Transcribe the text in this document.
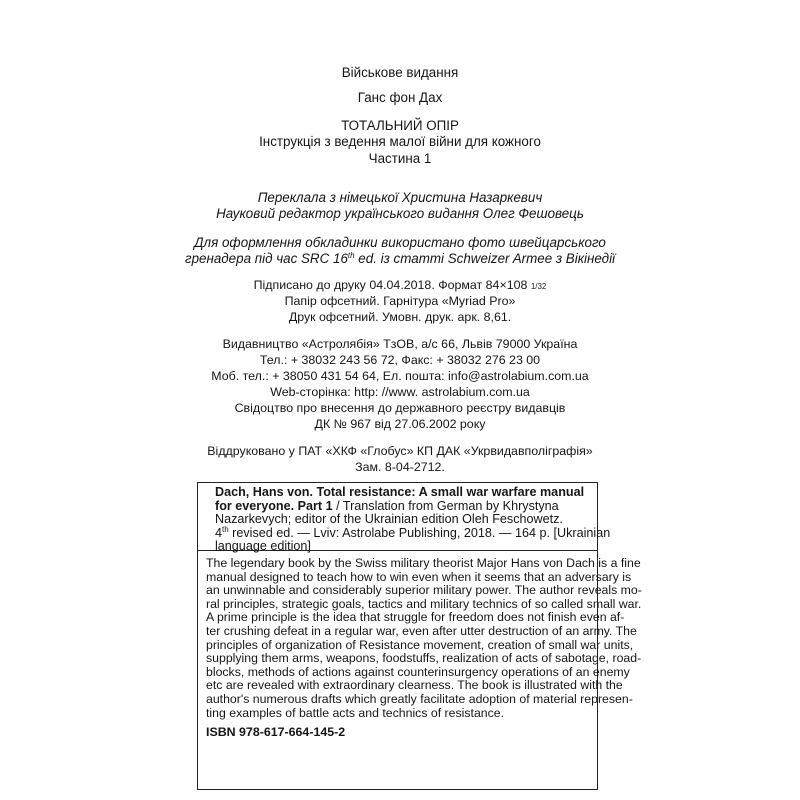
Військове видання
Ганс фон Дах
ТОТАЛЬНИЙ ОПІР
Інструкція з ведення малої війни для кожного
Частина 1
Переклала з німецької Христина Назаркевич
Науковий редактор українського видання Олег Фешовець
Для оформлення обкладинки використано фото швейцарського
гренадера під час SRC 16th ed. із статті Schweizer Armee з Вікінедії
Підписано до друку 04.04.2018. Формат 84×108 1/32
Папір офсетний. Гарнітура «Myriad Pro»
Друк офсетний. Умовн. друк. арк. 8,61.
Видавництво «Астролябія» ТзОВ, а/с 66, Львів 79000 Україна
Тел.: + 38032 243 56 72, Факс: + 38032 276 23 00
Моб. тел.: + 38050 431 54 64, Ел. пошта: info@astrolabium.com.ua
Web-сторінка: http: //www. astrolabium.com.ua
Свідоцтво про внесення до державного реєстру видавців
ДК № 967 від 27.06.2002 року
Віддруковано у ПАТ «ХКФ «Глобус» КП ДАК «Укрвидавполіграфія»
Зам. 8-04-2712.
Dach, Hans von. Total resistance: A small war warfare manual
for everyone. Part 1 / Translation from German by Khrystyna
Nazarkevych; editor of the Ukrainian edition Oleh Feschowetz.
4th revised ed. — Lviv: Astrolabe Publishing, 2018. — 164 p. [Ukrainian
language edition]
The legendary book by the Swiss military theorist Major Hans von Dach is a fine
manual designed to teach how to win even when it seems that an adversary is
an unwinnable and considerably superior military power. The author reveals mo-
ral principles, strategic goals, tactics and military technics of so called small war.
A prime principle is the idea that struggle for freedom does not finish even af-
ter crushing defeat in a regular war, even after utter destruction of an army. The
principles of organization of Resistance movement, creation of small war units,
supplying them arms, weapons, foodstuffs, realization of acts of sabotage, road-
blocks, methods of actions against counterinsurgency operations of an enemy
etc are revealed with extraordinary clearness. The book is illustrated with the
author's numerous drafts which greatly facilitate adoption of material represen-
ting examples of battle acts and technics of resistance.
ISBN 978-617-664-145-2
